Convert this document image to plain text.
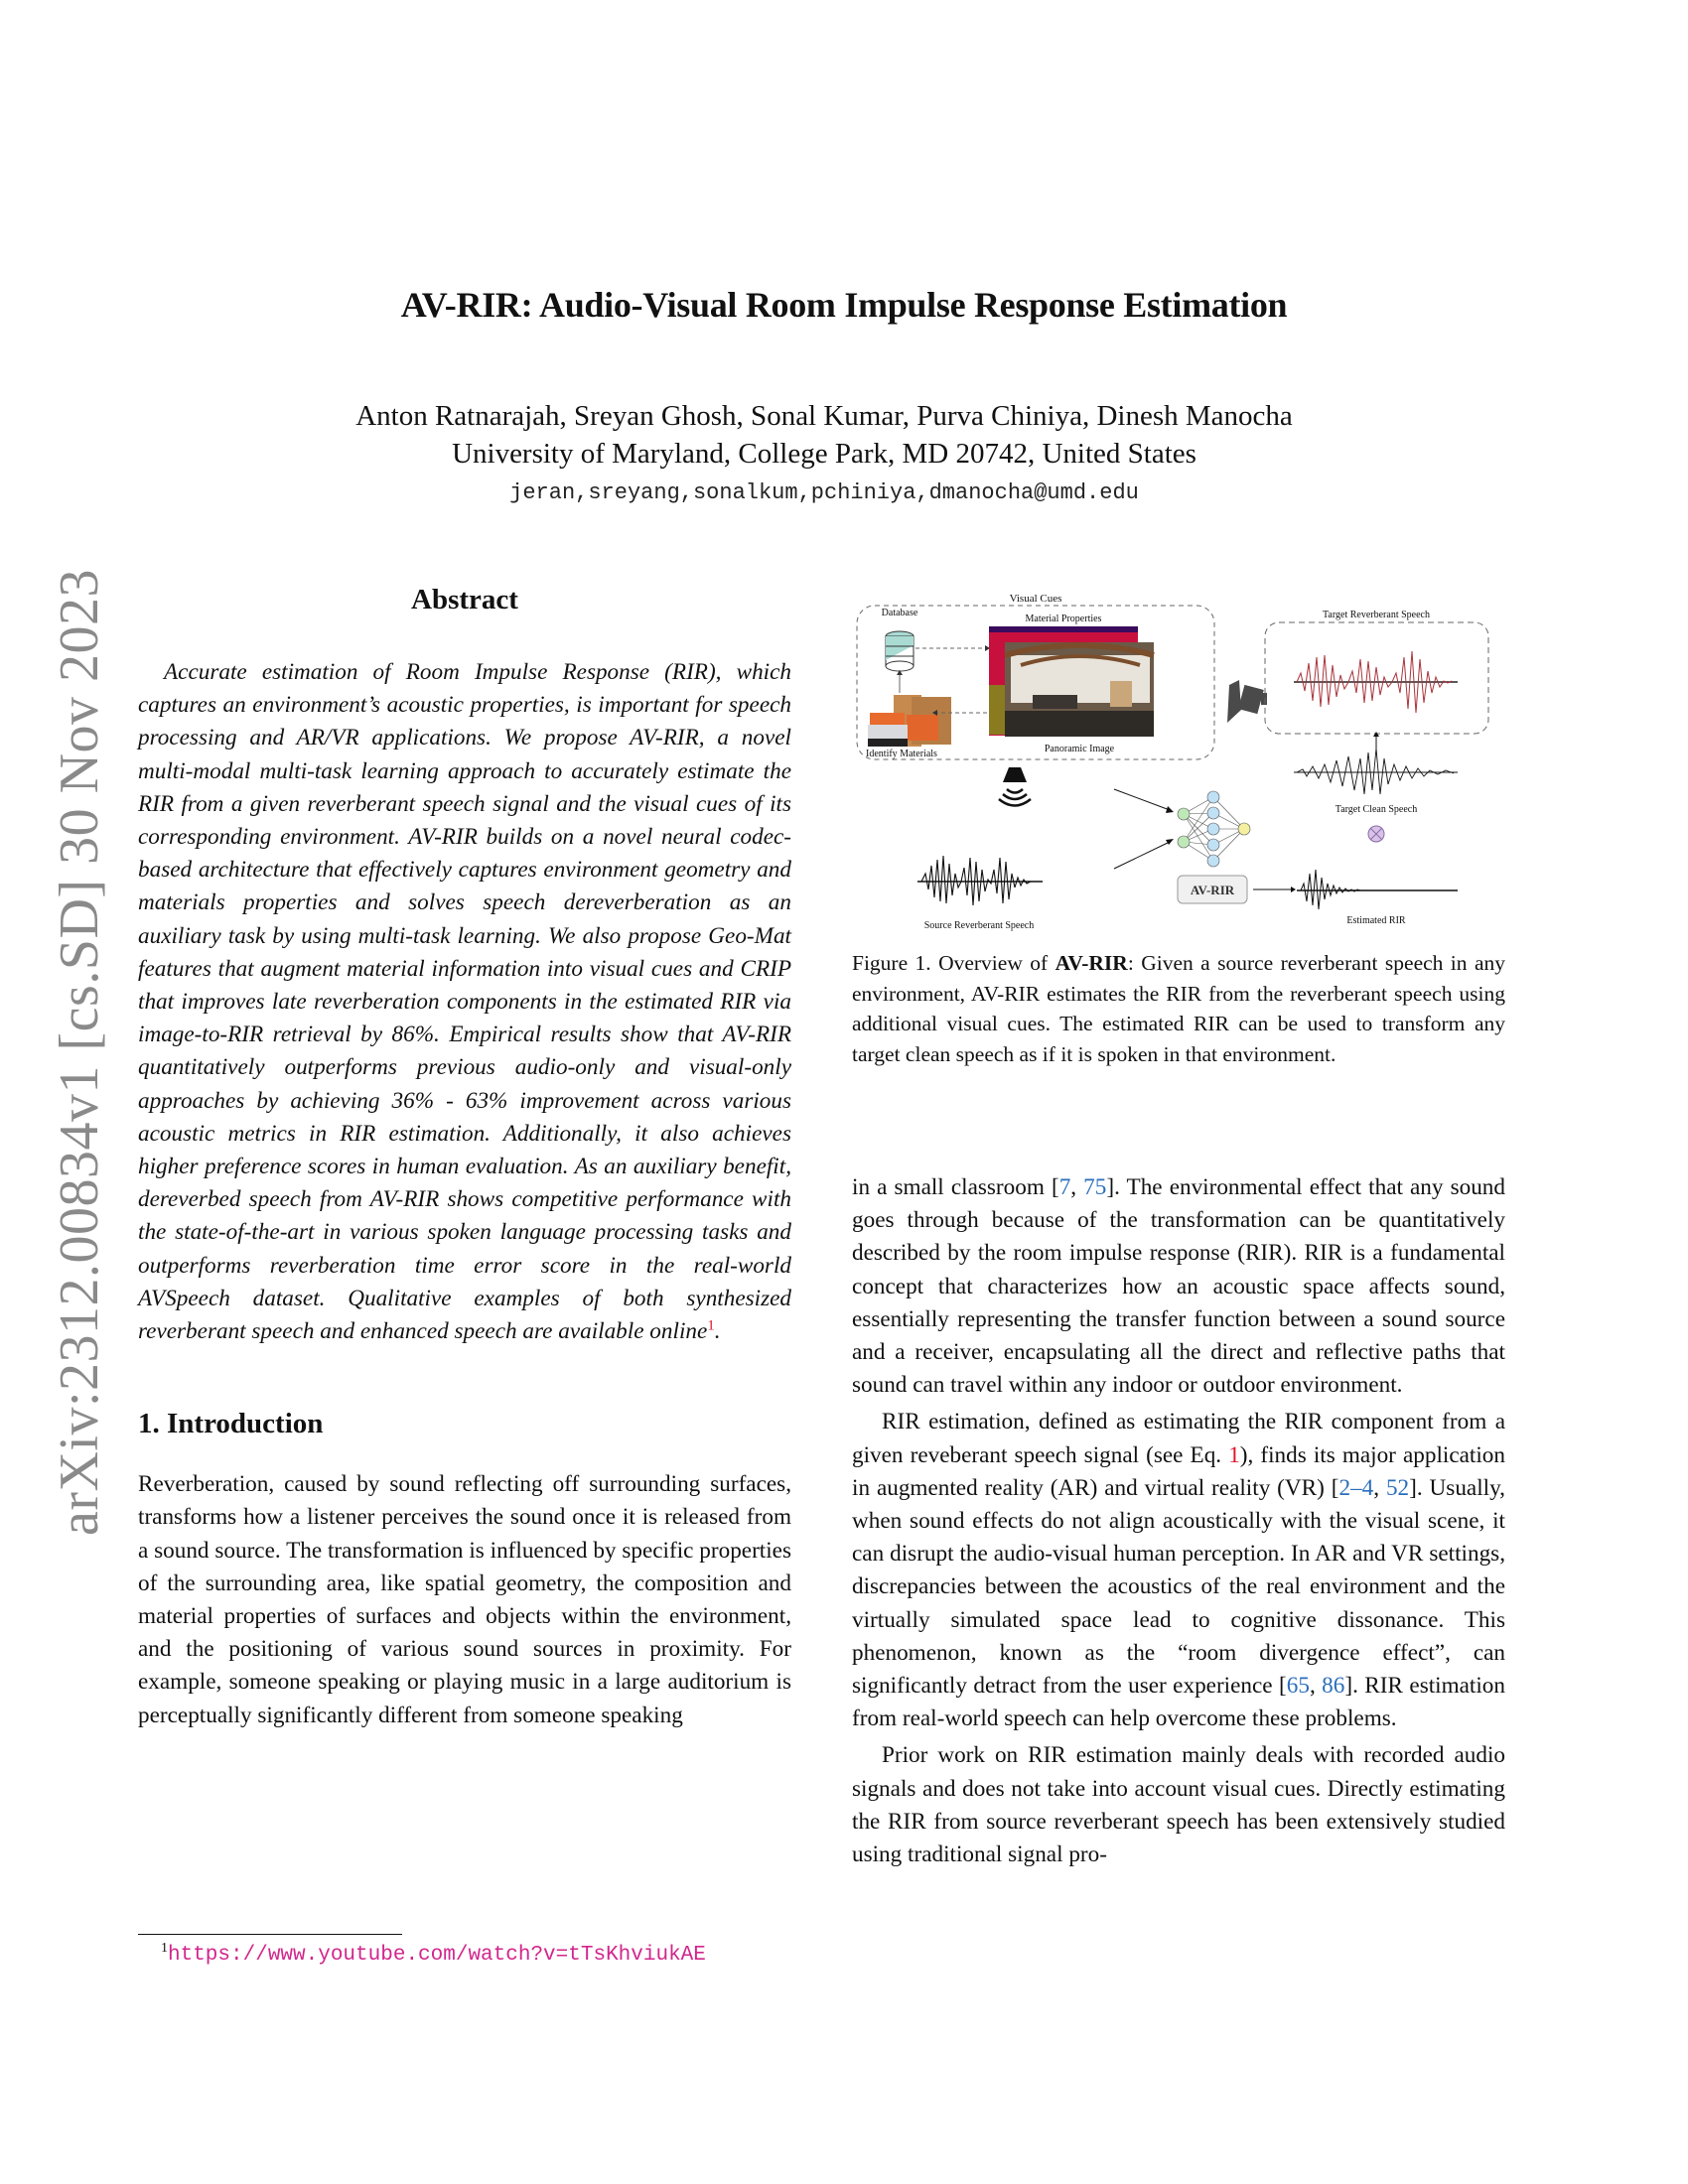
arXiv:2312.00834v1 [cs.SD] 30 Nov 2023
AV-RIR: Audio-Visual Room Impulse Response Estimation
Anton Ratnarajah, Sreyan Ghosh, Sonal Kumar, Purva Chiniya, Dinesh Manocha
University of Maryland, College Park, MD 20742, United States
jeran,sreyang,sonalkum,pchiniya,dmanocha@umd.edu
Abstract

Accurate estimation of Room Impulse Response (RIR), which captures an environment’s acoustic properties, is important for speech processing and AR/VR applications. We propose AV-RIR, a novel multi-modal multi-task learning approach to accurately estimate the RIR from a given reverberant speech signal and the visual cues of its corresponding environment. AV-RIR builds on a novel neural codec-based architecture that effectively captures environment geometry and materials properties and solves speech dereverberation as an auxiliary task by using multi-task learning. We also propose Geo-Mat features that augment material information into visual cues and CRIP that improves late reverberation components in the estimated RIR via image-to-RIR retrieval by 86%. Empirical results show that AV-RIR quantitatively outperforms previous audio-only and visual-only approaches by achieving 36% - 63% improvement across various acoustic metrics in RIR estimation. Additionally, it also achieves higher preference scores in human evaluation. As an auxiliary benefit, dereverbed speech from AV-RIR shows competitive performance with the state-of-the-art in various spoken language processing tasks and outperforms reverberation time error score in the real-world AVSpeech dataset. Qualitative examples of both synthesized reverberant speech and enhanced speech are available online$^1$.

1. Introduction

Reverberation, caused by sound reflecting off surrounding surfaces, transforms how a listener perceives the sound once it is released from a sound source. The transformation is influenced by specific properties of the surrounding area, like spatial geometry, the composition and material properties of surfaces and objects within the environment, and the positioning of various sound sources in proximity. For example, someone speaking or playing music in a large auditorium is perceptually significantly different from someone speaking

$^1$https://www.youtube.com/watch?v=tTsKhviukAE
Visual Cues
Database
Material Properties
Identify Materials	Panoramic Image
Target Reverberant Speech
Target Clean Speech
Source Reverberant Speech
AV-RIR
Estimated RIR
Figure 1. Overview of AV-RIR: Given a source reverberant speech in any environment, AV-RIR estimates the RIR from the reverberant speech using additional visual cues. The estimated RIR can be used to transform any target clean speech as if it is spoken in that environment.

in a small classroom [7, 75]. The environmental effect that any sound goes through because of the transformation can be quantitatively described by the room impulse response (RIR). RIR is a fundamental concept that characterizes how an acoustic space affects sound, essentially representing the transfer function between a sound source and a receiver, encapsulating all the direct and reflective paths that sound can travel within any indoor or outdoor environment.

RIR estimation, defined as estimating the RIR component from a given reveberant speech signal (see Eq. 1), finds its major application in augmented reality (AR) and virtual reality (VR) [2–4, 52]. Usually, when sound effects do not align acoustically with the visual scene, it can disrupt the audio-visual human perception. In AR and VR settings, discrepancies between the acoustics of the real environment and the virtually simulated space lead to cognitive dissonance. This phenomenon, known as the “room divergence effect”, can significantly detract from the user experience [65, 86]. RIR estimation from real-world speech can help overcome these problems.

Prior work on RIR estimation mainly deals with recorded audio signals and does not take into account visual cues. Directly estimating the RIR from source reverberant speech has been extensively studied using traditional signal pro-
